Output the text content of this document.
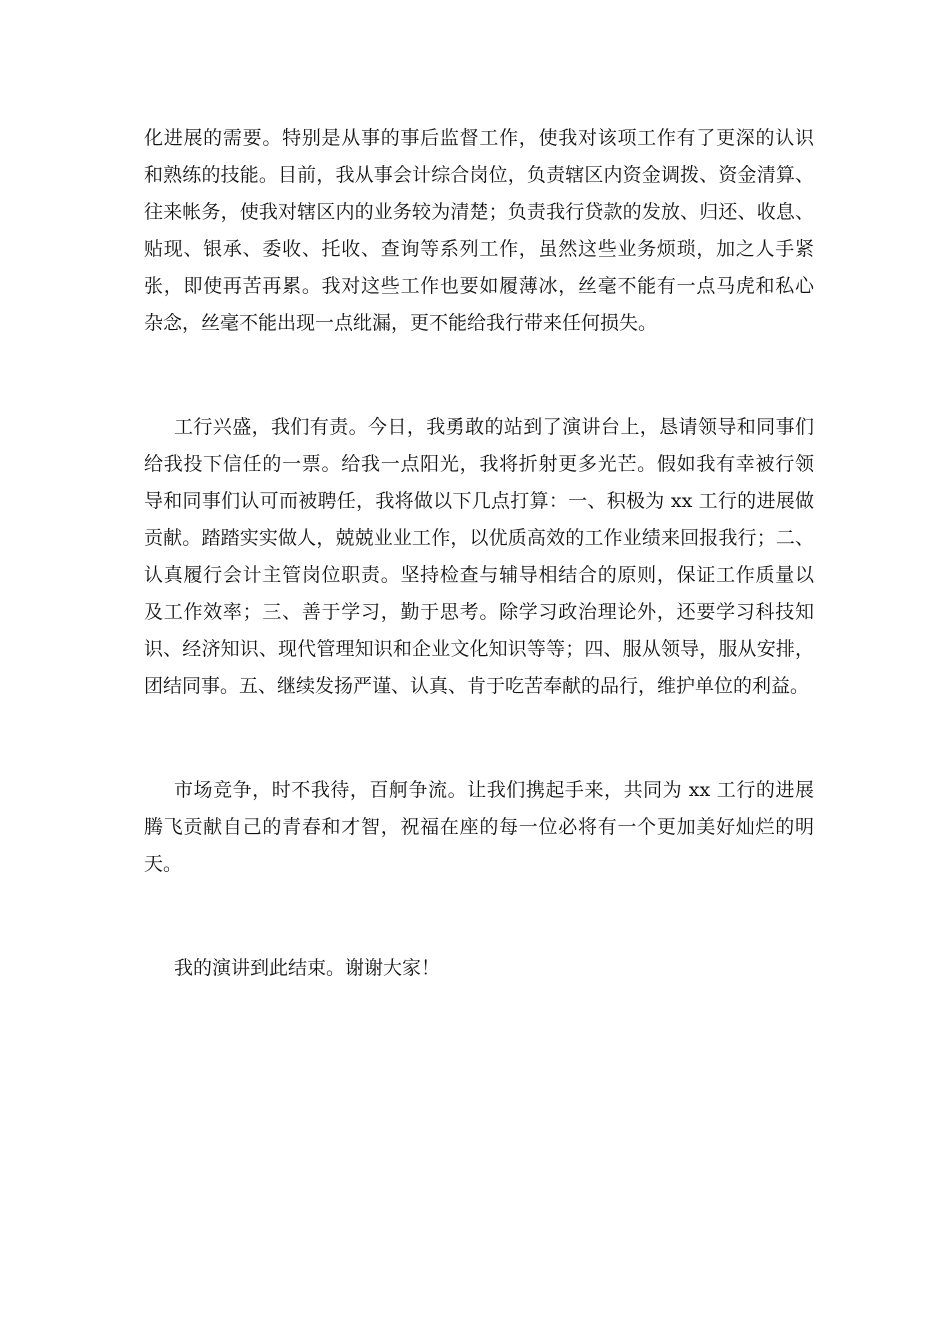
化进展的需要。特别是从事的事后监督工作，使我对该项工作有了更深的认识
和熟练的技能。目前，我从事会计综合岗位，负责辖区内资金调拨、资金清算、
往来帐务，使我对辖区内的业务较为清楚；负责我行贷款的发放、归还、收息、
贴现、银承、委收、托收、查询等系列工作，虽然这些业务烦琐，加之人手紧
张，即使再苦再累。我对这些工作也要如履薄冰，丝毫不能有一点马虎和私心
杂念，丝毫不能出现一点纰漏，更不能给我行带来任何损失。
工行兴盛，我们有责。今日，我勇敢的站到了演讲台上，恳请领导和同事们
给我投下信任的一票。给我一点阳光，我将折射更多光芒。假如我有幸被行领
导和同事们认可而被聘任，我将做以下几点打算：一、积极为 xx 工行的进展做
贡献。踏踏实实做人，兢兢业业工作，以优质高效的工作业绩来回报我行；二、
认真履行会计主管岗位职责。坚持检查与辅导相结合的原则，保证工作质量以
及工作效率；三、善于学习，勤于思考。除学习政治理论外，还要学习科技知
识、经济知识、现代管理知识和企业文化知识等等；四、服从领导，服从安排，
团结同事。五、继续发扬严谨、认真、肯于吃苦奉献的品行，维护单位的利益。
市场竞争，时不我待，百舸争流。让我们携起手来，共同为 xx 工行的进展
腾飞贡献自己的青春和才智，祝福在座的每一位必将有一个更加美好灿烂的明
天。
我的演讲到此结束。谢谢大家！
